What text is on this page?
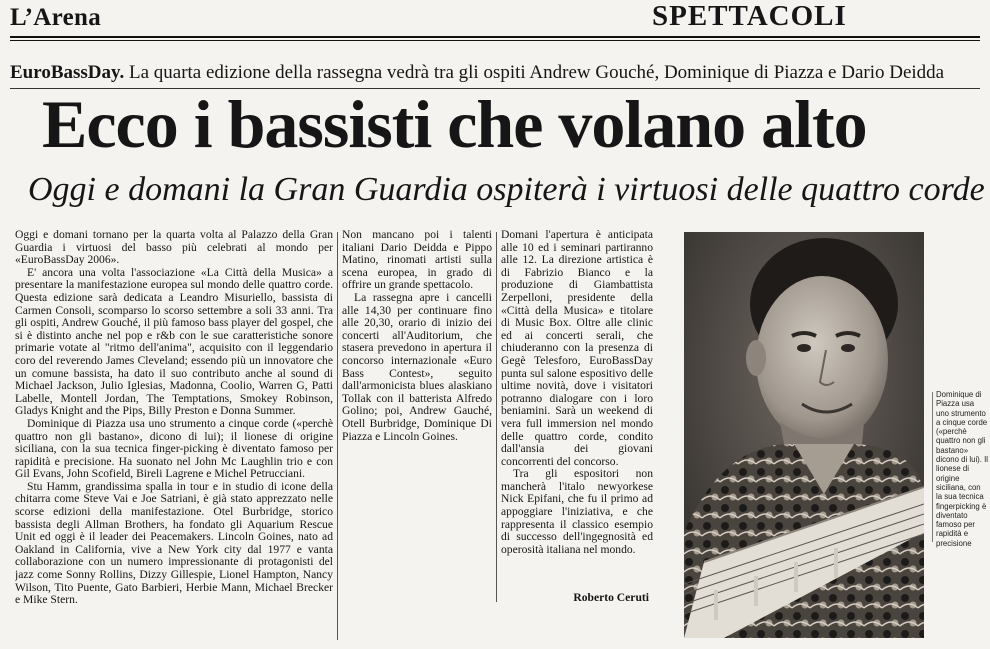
L’Arena	SPETTACOLI
EuroBassDay. La quarta edizione della rassegna vedrà tra gli ospiti Andrew Gouché, Dominique di Piazza e Dario Deidda
Ecco i bassisti che volano alto
Oggi e domani la Gran Guardia ospiterà i virtuosi delle quattro corde

Oggi e domani tornano per la quarta volta al Palazzo della Gran Guardia i virtuosi del basso più celebrati al mondo per «EuroBassDay 2006».

E' ancora una volta l'associazione «La Città della Musica» a presentare la manifestazione europea sul mondo delle quattro corde. Questa edizione sarà dedicata a Leandro Misuriello, bassista di Carmen Consoli, scomparso lo scorso settembre a soli 33 anni. Tra gli ospiti, Andrew Gouché, il più famoso bass player del gospel, che si è distinto anche nel pop e r&b con le sue caratteristiche sonore primarie votate al "ritmo dell'anima", acquisito con il leggendario coro del reverendo James Cleveland; essendo più un innovatore che un comune bassista, ha dato il suo contributo anche al sound di Michael Jackson, Julio Iglesias, Madonna, Coolio, Warren G, Patti Labelle, Montell Jordan, The Temptations, Smokey Robinson, Gladys Knight and the Pips, Billy Preston e Donna Summer.

Dominique di Piazza usa uno strumento a cinque corde («perchè quattro non gli bastano», dicono di lui); il lionese di origine siciliana, con la sua tecnica finger-picking è diventato famoso per rapidità e precisione. Ha suonato nel John Mc Laughlin trio e con Gil Evans, John Scofield, Bireli Lagrene e Michel Petrucciani.

Stu Hamm, grandissima spalla in tour e in studio di icone della chitarra come Steve Vai e Joe Satriani, è già stato apprezzato nelle scorse edizioni della manifestazione. Otel Burbridge, storico bassista degli Allman Brothers, ha fondato gli Aquarium Rescue Unit ed oggi è il leader dei Peacemakers. Lincoln Goines, nato ad Oakland in California, vive a New York city dal 1977 e vanta collaborazione con un numero impressionante di protagonisti del jazz come Sonny Rollins, Dizzy Gillespie, Lionel Hampton, Nancy Wilson, Tito Puente, Gato Barbieri, Herbie Mann, Michael Brecker e Mike Stern.

Non mancano poi i talenti italiani Dario Deidda e Pippo Matino, rinomati artisti sulla scena europea, in grado di offrire un grande spettacolo.

La rassegna apre i cancelli alle 14,30 per continuare fino alle 20,30, orario di inizio dei concerti all'Auditorium, che stasera prevedono in apertura il concorso internazionale «Euro Bass Contest», seguito dall'armonicista blues alaskiano Tollak con il batterista Alfredo Golino; poi, Andrew Gauché, Otell Burbridge, Dominique Di Piazza e Lincoln Goines.

Domani l'apertura è anticipata alle 10 ed i seminari partiranno alle 12. La direzione artistica è di Fabrizio Bianco e la produzione di Giambattista Zerpelloni, presidente della «Città della Musica» e titolare di Music Box. Oltre alle clinic ed ai concerti serali, che chiuderanno con la presenza di Gegè Telesforo, EuroBassDay punta sul salone espositivo delle ultime novità, dove i visitatori potranno dialogare con i loro beniamini. Sarà un weekend di vera full immersion nel mondo delle quattro corde, condito dall'ansia dei giovani concorrenti del concorso.

Tra gli espositori non mancherà l'italo newyorkese Nick Epifani, che fu il primo ad appoggiare l'iniziativa, e che rappresenta il classico esempio di successo dell'ingegnosità ed operosità italiana nel mondo.

Roberto Ceruti
Dominique di Piazza usa uno strumento a cinque corde («perchè quattro non gli bastano» dicono di lui). Il lionese di origine siciliana, con la sua tecnica fingerpicking è diventato famoso per rapidità e precisione
